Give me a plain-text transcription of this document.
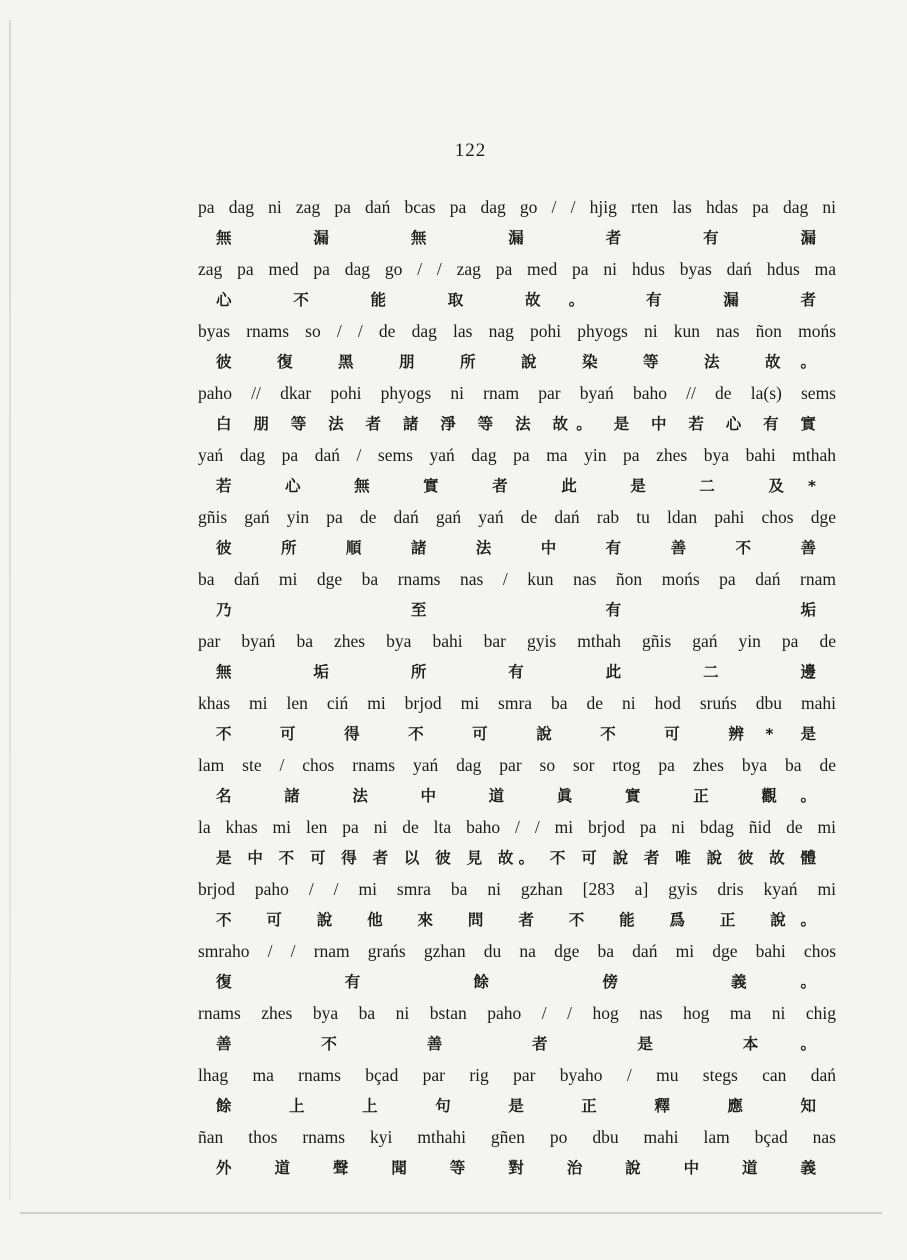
122
pa dag ni zag pa dań bcas pa dag go / / hjig rten las hdas pa dag ni
無 漏 無 漏 者 有 漏
zag pa med pa dag go / / zag pa med pa ni hdus byas dań hdus ma
心 不 能 取 故。 有 漏 者
byas rnams so / / de dag las nag pohi phyogs ni kun nas ñon mońs
彼 復 黑 朋 所 說 染 等 法 故。
paho // dkar pohi phyogs ni rnam par byań baho // de la(s) sems
白 朋 等 法 者 諸 淨 等 法 故。 是 中 若 心 有 實
yań dag pa dań / sems yań dag pa ma yin pa zhes bya bahi mthah
若 心 無 實 者 此 是 二 及*
gñis gań yin pa de dań gań yań de dań rab tu ldan pahi chos dge
彼 所 順 諸 法 中 有 善 不 善
ba dań mi dge ba rnams nas / kun nas ñon mońs pa dań rnam
乃 至 有 垢
par byań ba zhes bya bahi bar gyis mthah gñis gań yin pa de
無 垢 所 有 此 二 邊
khas mi len ciń mi brjod mi smra ba de ni hod sruńs dbu mahi
不 可 得 不 可 說 不 可 辨* 是
lam ste / chos rnams yań dag par so sor rtog pa zhes bya ba de
名 諸 法 中 道 眞 實 正 觀。
la khas mi len pa ni de lta baho / / mi brjod pa ni bdag ñid de mi
是 中 不 可 得 者 以 彼 見 故。 不 可 說 者 唯 說 彼 故 體
brjod paho / / mi smra ba ni gzhan [283 a] gyis dris kyań mi
不 可 說 他 來 問 者 不 能 爲 正 說。
smraho / / rnam grańs gzhan du na dge ba dań mi dge bahi chos
復 有 餘 傍 義。
rnams zhes bya ba ni bstan paho / / hog nas hog ma ni chig
善 不 善 者 是 本。
lhag ma rnams bçad par rig par byaho / mu stegs can dań
餘 上 上 句 是 正 釋 應 知
ñan thos rnams kyi mthahi gñen po dbu mahi lam bçad nas
外 道 聲 聞 等 對 治 說 中 道 義
